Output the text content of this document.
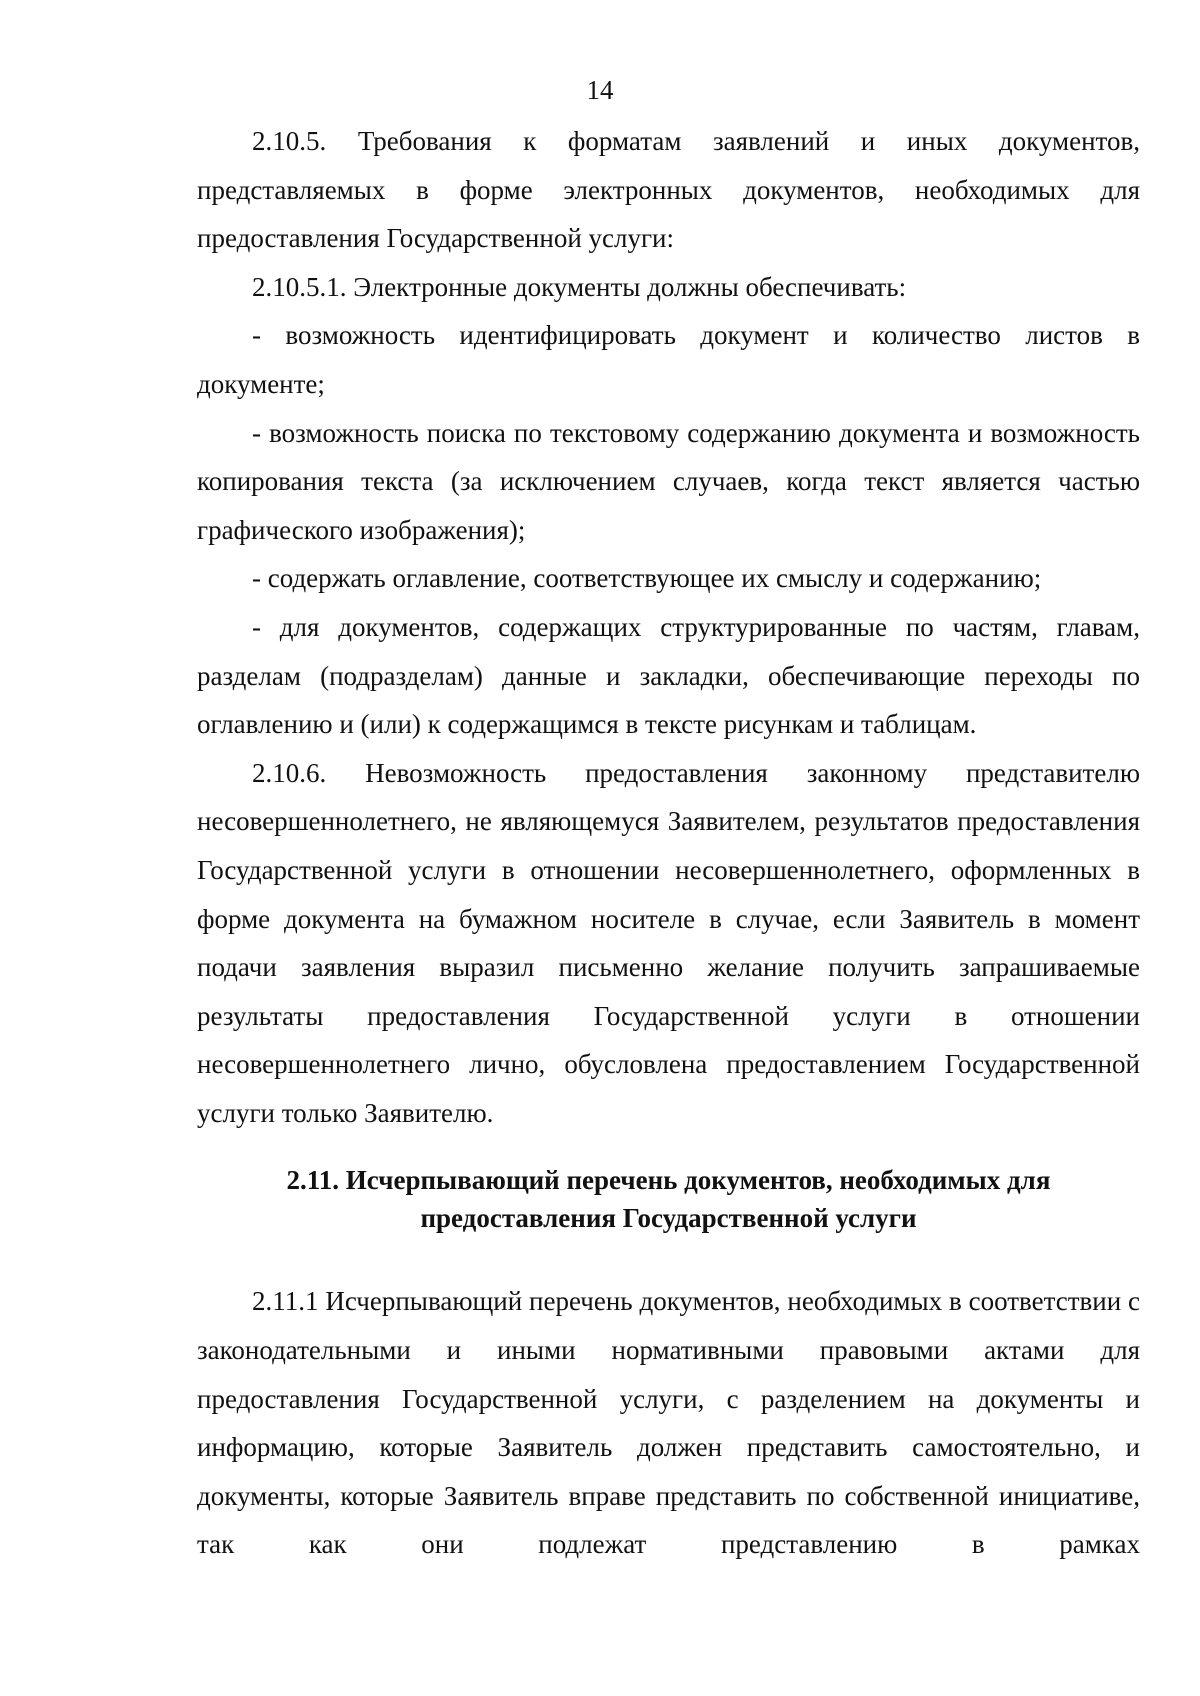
14

2.10.5. Требования к форматам заявлений и иных документов, представляемых в форме электронных документов, необходимых для предоставления Государственной услуги:

2.10.5.1. Электронные документы должны обеспечивать:

- возможность идентифицировать документ и количество листов в документе;

- возможность поиска по текстовому содержанию документа и возможность копирования текста (за исключением случаев, когда текст является частью графического изображения);

- содержать оглавление, соответствующее их смыслу и содержанию;

- для документов, содержащих структурированные по частям, главам, разделам (подразделам) данные и закладки, обеспечивающие переходы по оглавлению и (или) к содержащимся в тексте рисункам и таблицам.

2.10.6. Невозможность предоставления законному представителю несовершеннолетнего, не являющемуся Заявителем, результатов предоставления Государственной услуги в отношении несовершеннолетнего, оформленных в форме документа на бумажном носителе в случае, если Заявитель в момент подачи заявления выразил письменно желание получить запрашиваемые результаты предоставления Государственной услуги в отношении несовершеннолетнего лично, обусловлена предоставлением Государственной услуги только Заявителю.

2.11. Исчерпывающий перечень документов, необходимых для
предоставления Государственной услуги

2.11.1 Исчерпывающий перечень документов, необходимых в соответствии с законодательными и иными нормативными правовыми актами для предоставления Государственной услуги, с разделением на документы и информацию, которые Заявитель должен представить самостоятельно, и документы, которые Заявитель вправе представить по собственной инициативе, так как они подлежат представлению в рамках
